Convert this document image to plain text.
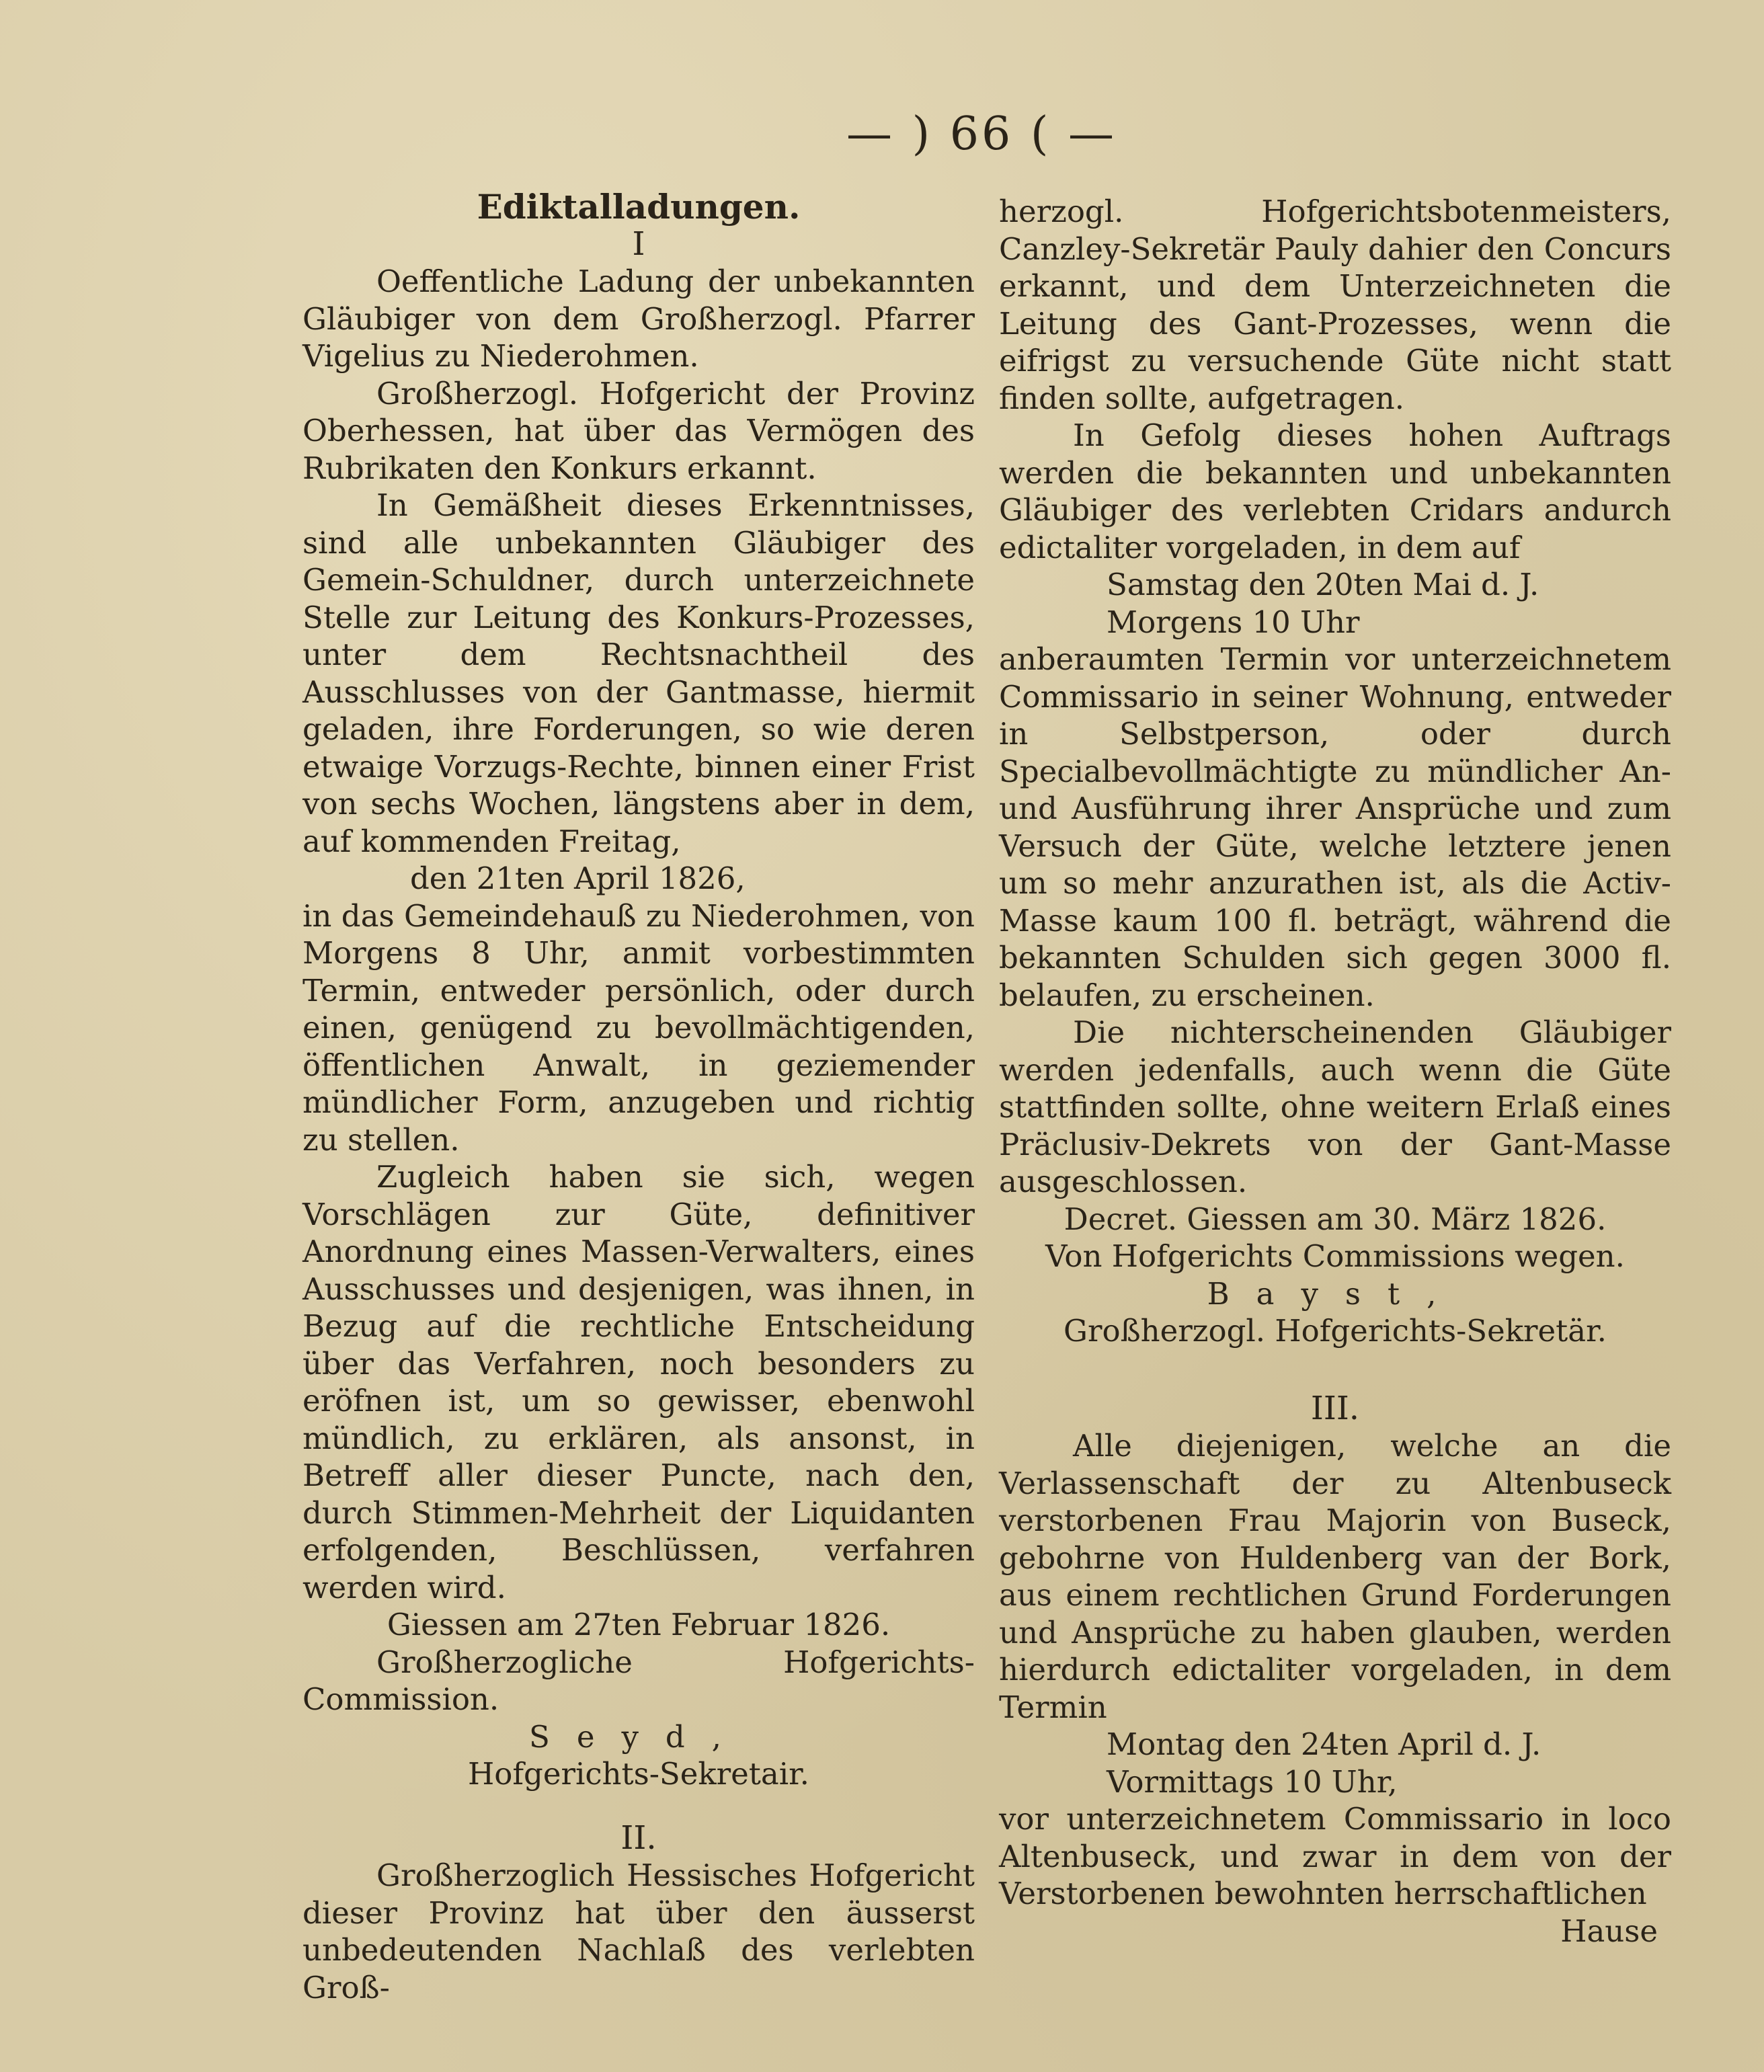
— ) 66 ( —

Ediktalladungen.

I

Oeffentliche Ladung der unbekannten Gläubiger von dem Großherzogl. Pfarrer Vigelius zu Niederohmen.

Großherzogl. Hofgericht der Provinz Oberhessen, hat über das Vermögen des Rubrikaten den Konkurs erkannt.

In Gemäßheit dieses Erkenntnisses, sind alle unbekannten Gläubiger des Gemein-Schuldner, durch unterzeichnete Stelle zur Leitung des Konkurs-Prozesses, unter dem Rechtsnachtheil des Ausschlusses von der Gantmasse, hiermit geladen, ihre Forderungen, so wie deren etwaige Vorzugs-Rechte, binnen einer Frist von sechs Wochen, längstens aber in dem, auf kommenden Freitag,

den 21ten April 1826,

in das Gemeindehauß zu Niederohmen, von Morgens 8 Uhr, anmit vorbestimmten Termin, entweder persönlich, oder durch einen, genügend zu bevollmächtigenden, öffentlichen Anwalt, in geziemender mündlicher Form, anzugeben und richtig zu stellen.

Zugleich haben sie sich, wegen Vorschlägen zur Güte, definitiver Anordnung eines Massen-Verwalters, eines Ausschusses und desjenigen, was ihnen, in Bezug auf die rechtliche Entscheidung über das Verfahren, noch besonders zu eröfnen ist, um so gewisser, ebenwohl mündlich, zu erklären, als ansonst, in Betreff aller dieser Puncte, nach den, durch Stimmen-Mehrheit der Liquidanten erfolgenden, Beschlüssen, verfahren werden wird.

Giessen am 27ten Februar 1826.

Großherzogliche Hofgerichts-Commission.

Seyd,

Hofgerichts-Sekretair.

II.

Großherzoglich Hessisches Hofgericht dieser Provinz hat über den äusserst unbedeutenden Nachlaß des verlebten Groß-

herzogl. Hofgerichtsbotenmeisters, Canzley-Sekretär Pauly dahier den Concurs erkannt, und dem Unterzeichneten die Leitung des Gant-Prozesses, wenn die eifrigst zu versuchende Güte nicht statt finden sollte, aufgetragen.

In Gefolg dieses hohen Auftrags werden die bekannten und unbekannten Gläubiger des verlebten Cridars andurch edictaliter vorgeladen, in dem auf

Samstag den 20ten Mai d. J. Morgens 10 Uhr

anberaumten Termin vor unterzeichnetem Commissario in seiner Wohnung, entweder in Selbstperson, oder durch Specialbevollmächtigte zu mündlicher An- und Ausführung ihrer Ansprüche und zum Versuch der Güte, welche letztere jenen um so mehr anzurathen ist, als die Activ-Masse kaum 100 fl. beträgt, während die bekannten Schulden sich gegen 3000 fl. belaufen, zu erscheinen.

Die nichterscheinenden Gläubiger werden jedenfalls, auch wenn die Güte stattfinden sollte, ohne weitern Erlaß eines Präclusiv-Dekrets von der Gant-Masse ausgeschlossen.

Decret. Giessen am 30. März 1826.

Von Hofgerichts Commissions wegen.

Bayst,

Großherzogl. Hofgerichts-Sekretär.

III.

Alle diejenigen, welche an die Verlassenschaft der zu Altenbuseck verstorbenen Frau Majorin von Buseck, gebohrne von Huldenberg van der Bork, aus einem rechtlichen Grund Forderungen und Ansprüche zu haben glauben, werden hierdurch edictaliter vorgeladen, in dem Termin

Montag den 24ten April d. J. Vormittags 10 Uhr,

vor unterzeichnetem Commissario in loco Altenbuseck, und zwar in dem von der Verstorbenen bewohnten herrschaftlichen

Hause
